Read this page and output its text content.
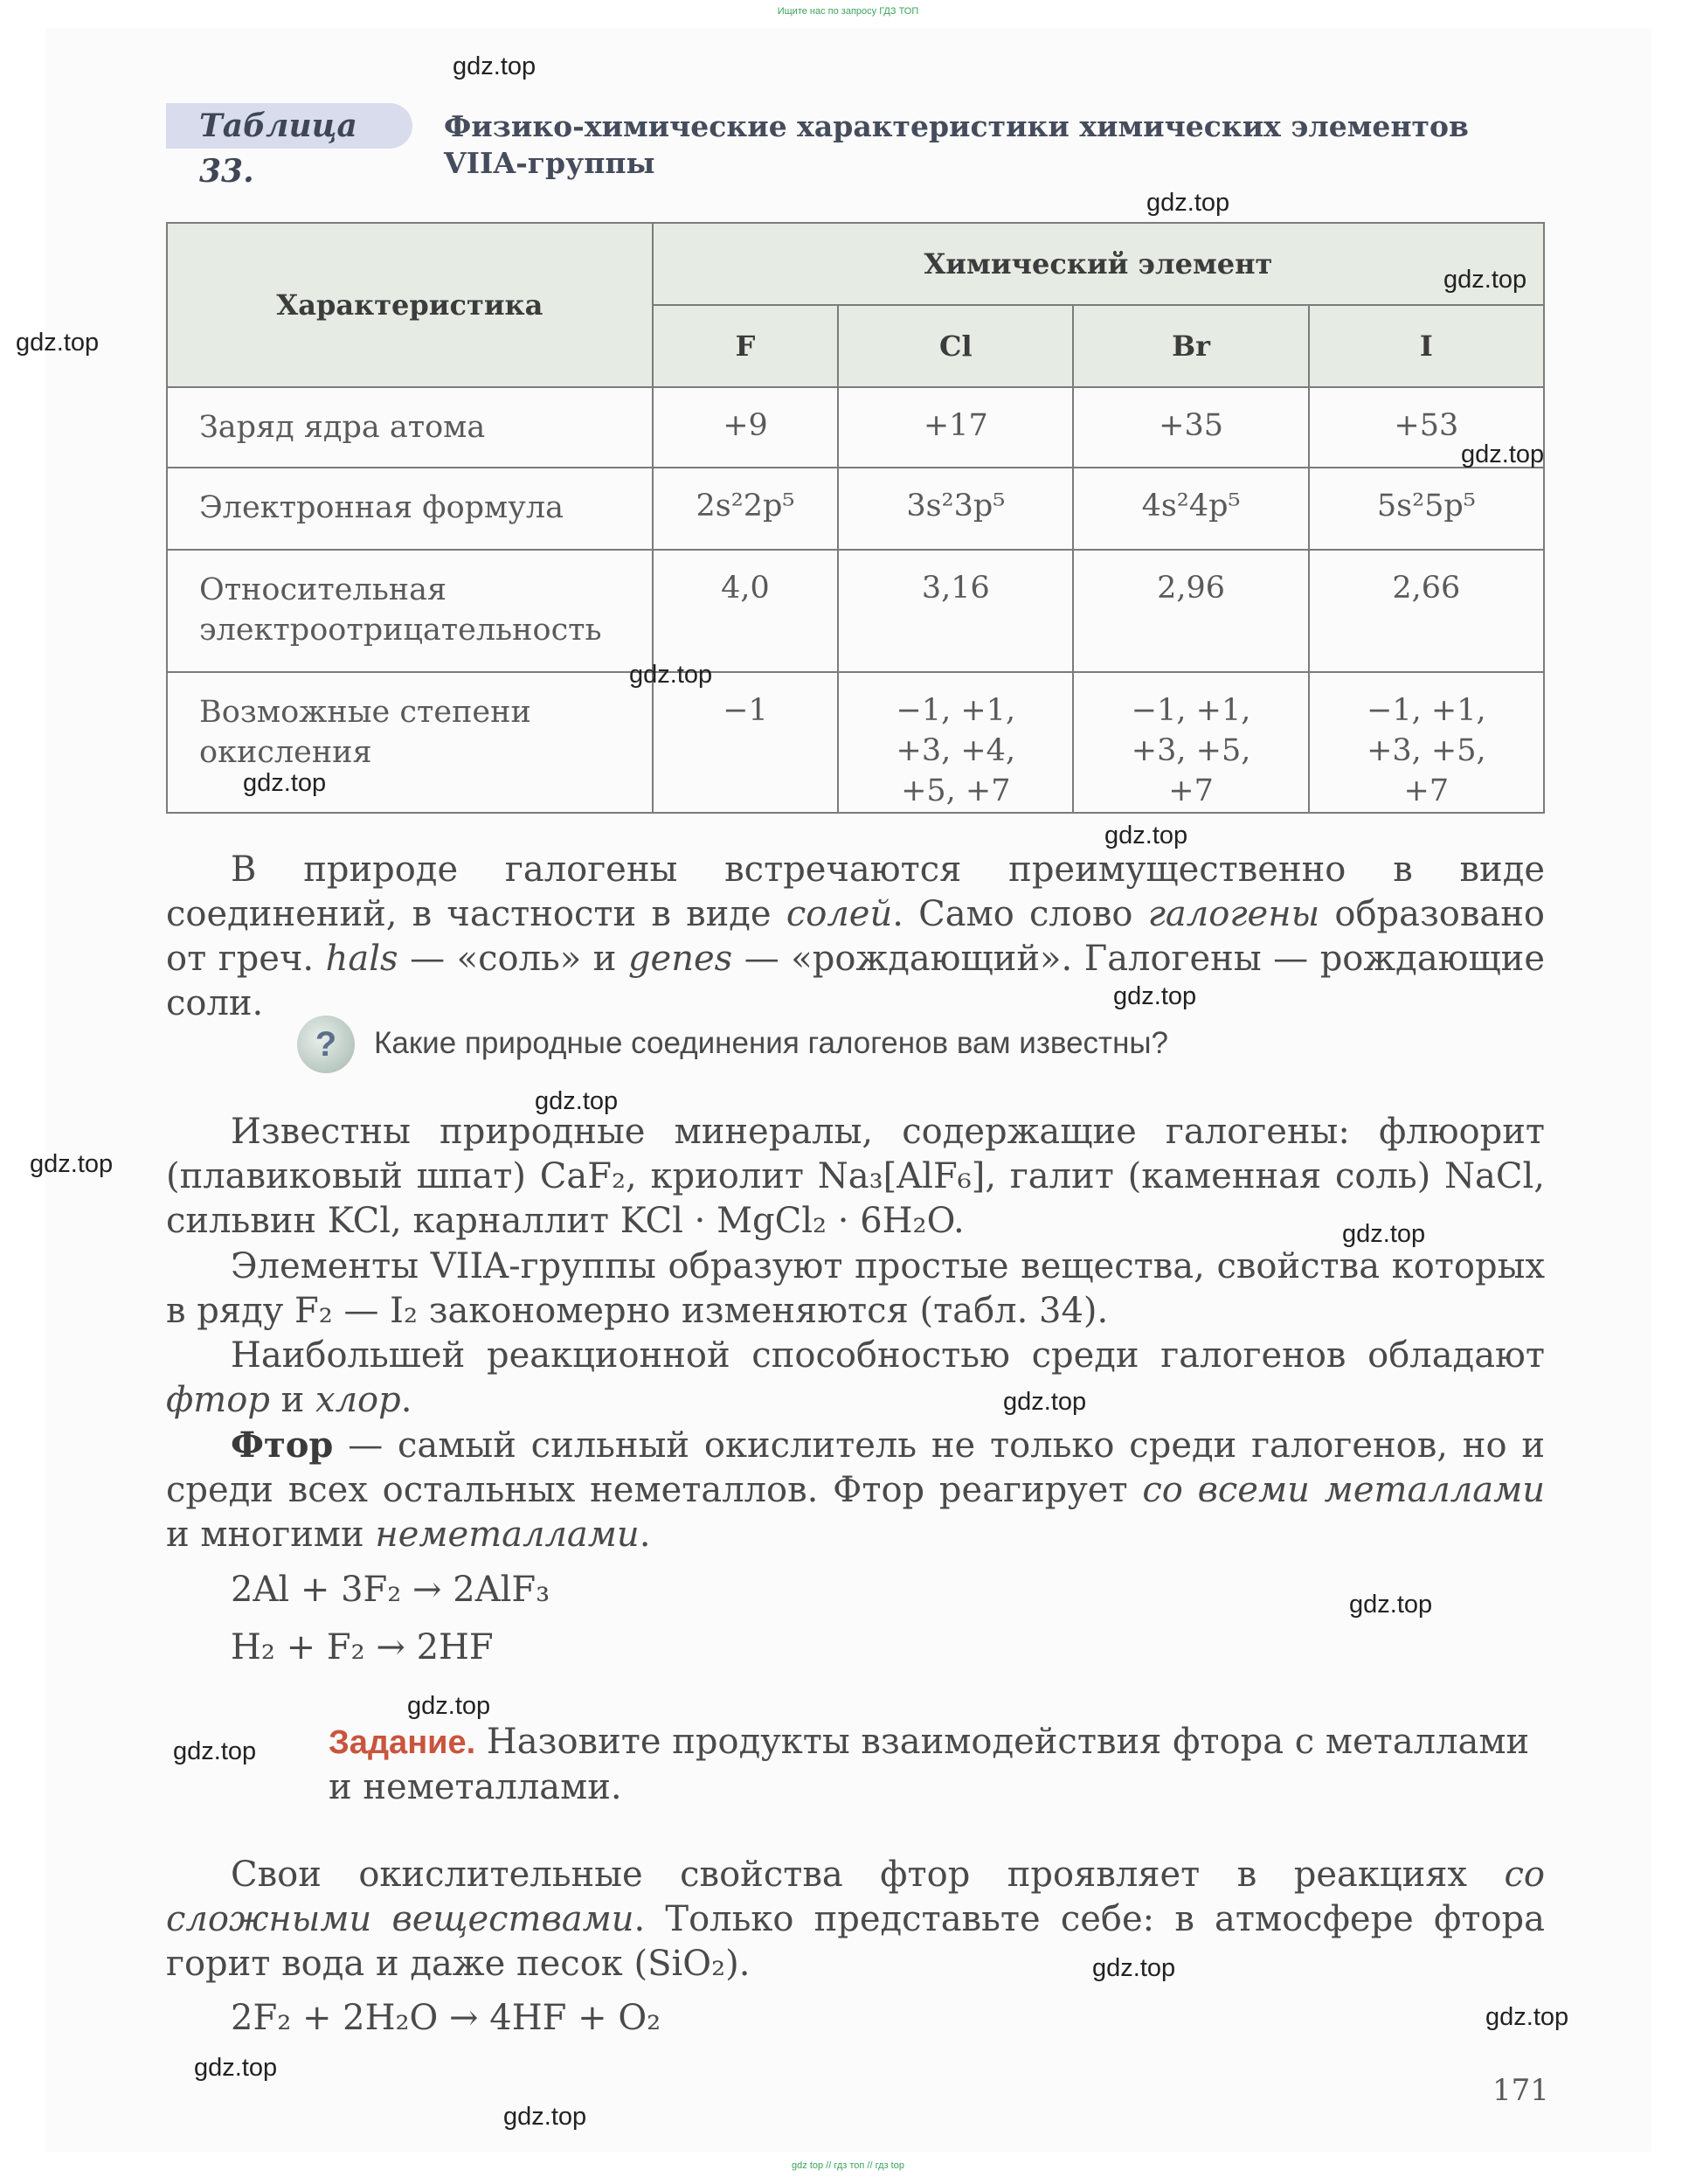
Ищите нас по запросу ГДЗ ТОП
Таблица 33.
Физико-химические характеристики химических элементов VIIA-группы
Характеристика	Химический элемент			
	F	Cl	Br	I
Заряд ядра атома	+9	+17	+35	+53
Электронная формула	2s²2p⁵	3s²3p⁵	4s²4p⁵	5s²5p⁵
Относительная электроотрицательность	4,0	3,16	2,96	2,66
Возможные степени окисления	−1	−1, +1, +3, +4, +5, +7	−1, +1, +3, +5, +7	−1, +1, +3, +5, +7
В природе галогены встречаются преимущественно в виде соединений, в частности в виде солей. Само слово галогены образовано от греч. hals — «соль» и genes — «рождающий». Галогены — рождающие соли.
?	Какие природные соединения галогенов вам известны?
Известны природные минералы, содержащие галогены: флюорит (плавиковый шпат) CaF₂, криолит Na₃[AlF₆], галит (каменная соль) NaCl, сильвин KCl, карналлит KCl · MgCl₂ · 6H₂O.
Элементы VIIA-группы образуют простые вещества, свойства которых в ряду F₂ — I₂ закономерно изменяются (табл. 34).
Наибольшей реакционной способностью среди галогенов обладают фтор и хлор.
Фтор — самый сильный окислитель не только среди галогенов, но и среди всех остальных неметаллов. Фтор реагирует со всеми металлами и многими неметаллами.
2Al + 3F₂ → 2AlF₃
H₂ + F₂ → 2HF
Задание. Назовите продукты взаимодействия фтора с металлами и неметаллами.
Свои окислительные свойства фтор проявляет в реакциях со сложными веществами. Только представьте себе: в атмосфере фтора горит вода и даже песок (SiO₂).
2F₂ + 2H₂O → 4HF + O₂
171
gdz top // гдз топ // гдз top
gdz.top
gdz.top
gdz.top
gdz.top
gdz.top
gdz.top
gdz.top
gdz.top
gdz.top
gdz.top
gdz.top
gdz.top
gdz.top
gdz.top
gdz.top
gdz.top
gdz.top
gdz.top
gdz.top
gdz.top
